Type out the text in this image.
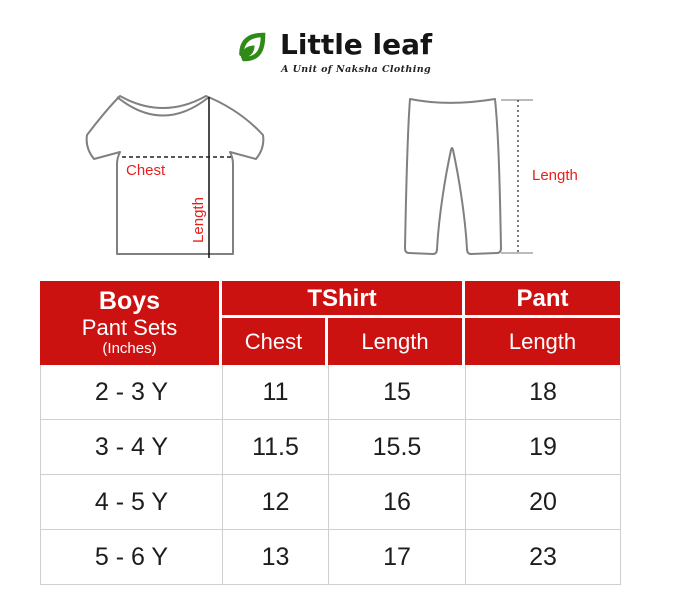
Little leaf
A Unit of Naksha Clothing
Chest
Length
Length
Boys
Pant Sets
(Inches)
TShirt	Pant
Chest	Length	Length
2 - 3 Y	11	15	18
3 - 4 Y	11.5	15.5	19
4 - 5 Y	12	16	20
5 - 6 Y	13	17	23
